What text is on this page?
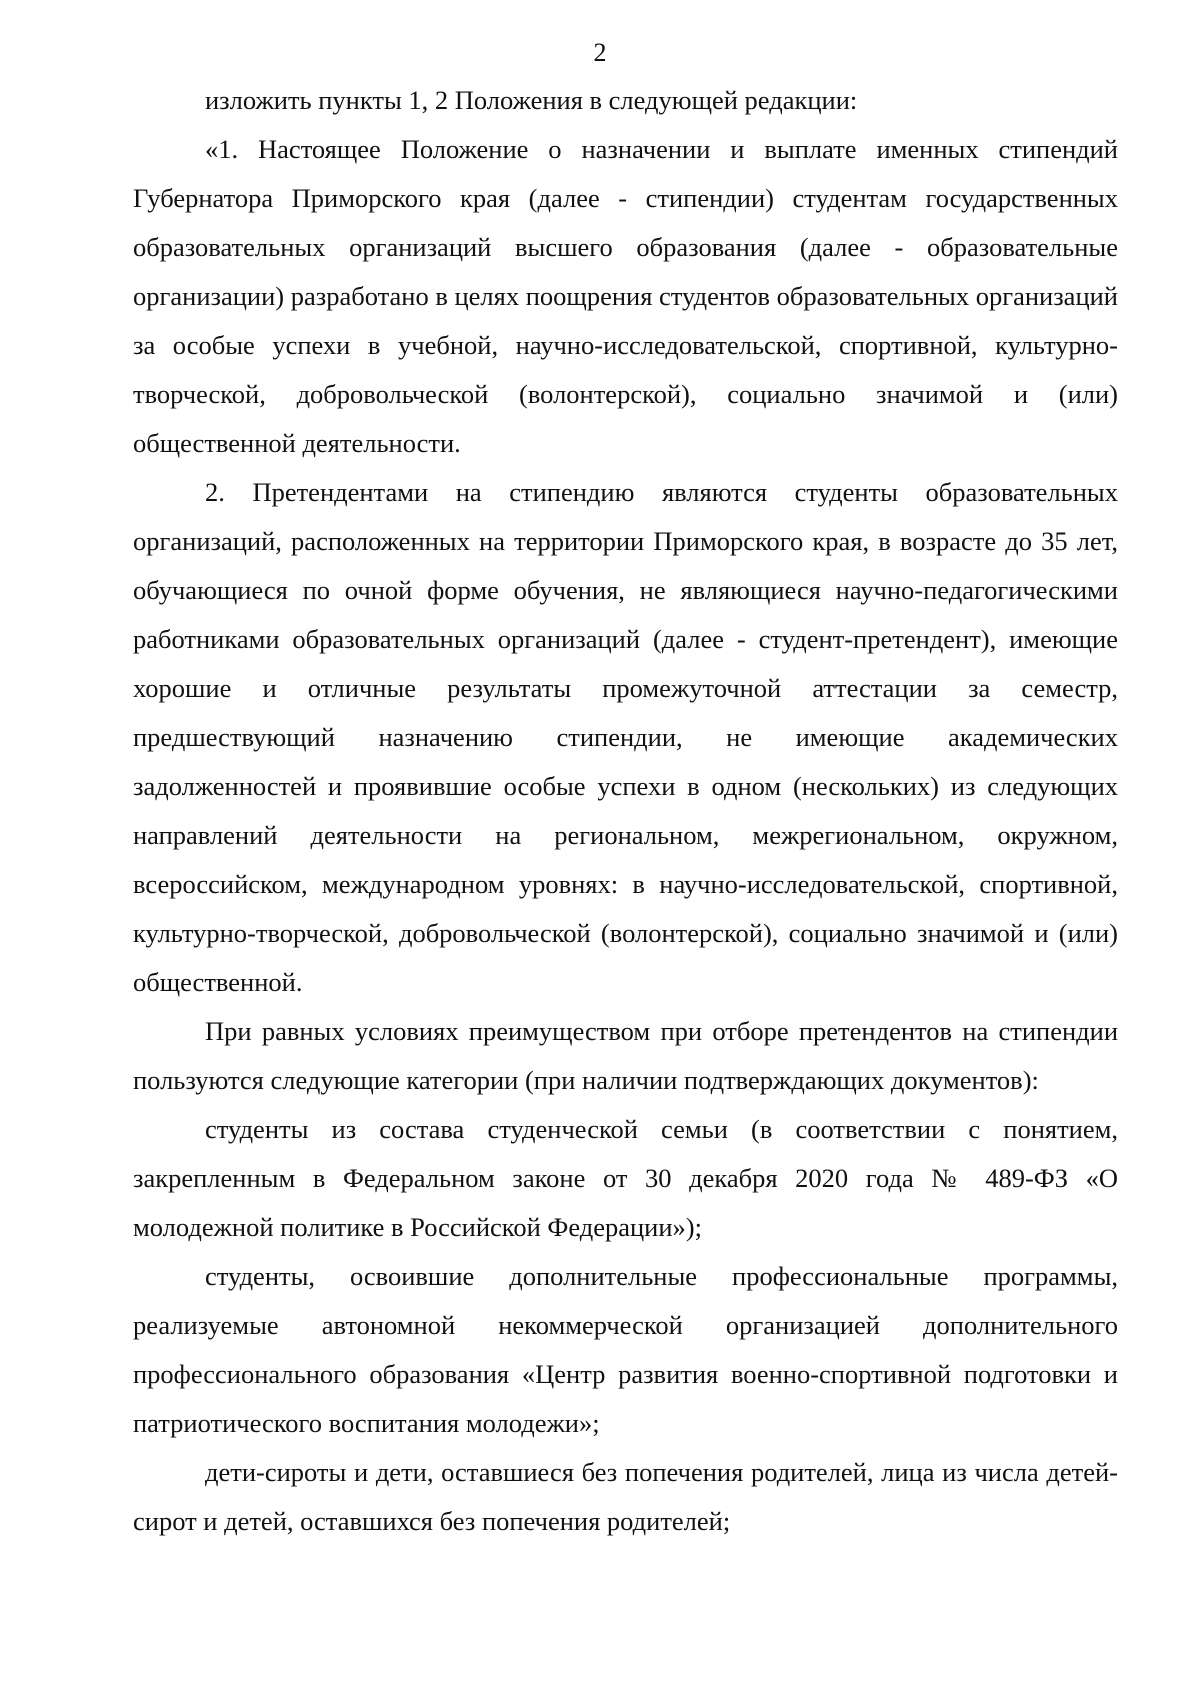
2

изложить пункты 1, 2 Положения в следующей редакции:

«1. Настоящее Положение о назначении и выплате именных стипендий Губернатора Приморского края (далее - стипендии) студентам государственных образовательных организаций высшего образования (далее - образовательные организации) разработано в целях поощрения студентов образовательных организаций за особые успехи в учебной, научно-исследовательской, спортивной, культурно-творческой, добровольческой (волонтерской), социально значимой и (или) общественной деятельности.

2. Претендентами на стипендию являются студенты образовательных организаций, расположенных на территории Приморского края, в возрасте до 35 лет, обучающиеся по очной форме обучения, не являющиеся научно-педагогическими работниками образовательных организаций (далее - студент-претендент), имеющие хорошие и отличные результаты промежуточной аттестации за семестр, предшествующий назначению стипендии, не имеющие академических задолженностей и проявившие особые успехи в одном (нескольких) из следующих направлений деятельности на региональном, межрегиональном, окружном, всероссийском, международном уровнях: в научно-исследовательской, спортивной, культурно-творческой, добровольческой (волонтерской), социально значимой и (или) общественной.

При равных условиях преимуществом при отборе претендентов на стипендии пользуются следующие категории (при наличии подтверждающих документов):

студенты из состава студенческой семьи (в соответствии с понятием, закрепленным в Федеральном законе от 30 декабря 2020 года № 489-ФЗ «О молодежной политике в Российской Федерации»);

студенты, освоившие дополнительные профессиональные программы, реализуемые автономной некоммерческой организацией дополнительного профессионального образования «Центр развития военно-спортивной подготовки и патриотического воспитания молодежи»;

дети-сироты и дети, оставшиеся без попечения родителей, лица из числа детей-сирот и детей, оставшихся без попечения родителей;
